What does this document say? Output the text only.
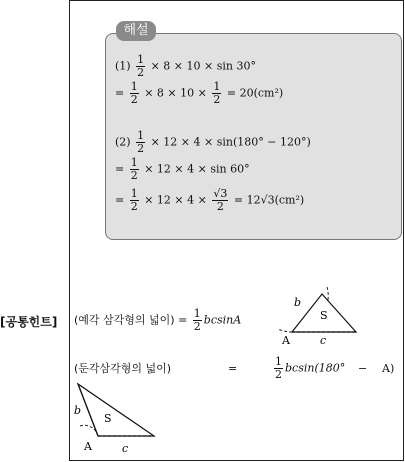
해설
$(1) \frac{1}{2} \times 8 \times 10 \times \sin 30^\circ$
= $\frac{1}{2} \times 8 \times 10 \times \frac{1}{2} = 20(cm^2)$
$(2) \frac{1}{2} \times 12 \times 4 \times \sin(180^\circ - 120^\circ)$
= $\frac{1}{2} \times 12 \times 4 \times \sin 60^\circ$
= $\frac{1}{2} \times 12 \times 4 \times \frac{√3}{2} = 12√3(cm^2)$
[공통힌트] (예각 삼각형의 넓이) = $\frac{1}{2}$ bcsinA
(둔각삼각형의 넓이)	=	$\frac{1}{2} bcsin(180^\circ - A)$
b
S
A	c
b
S
A	c
